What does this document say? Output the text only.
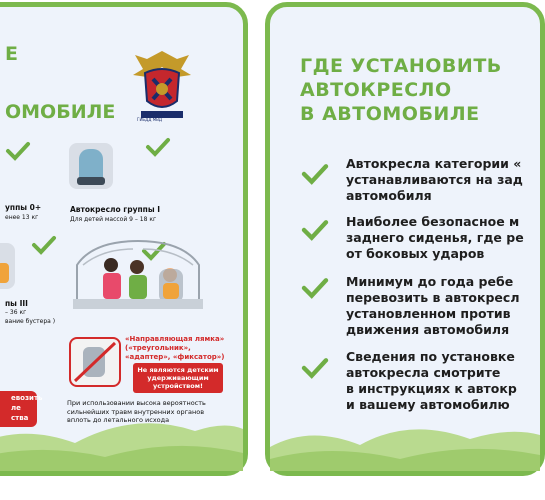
Е
ОМОБИЛЕ	ГИБДД МВД
уппы 0+
енее 13 кг
Автокресло группы I
Для детей массой 9 – 18 кг
пы III
– 36 кг
вание бустера )
«Направляющая лямка» («треугольник», «адаптер», «фиксатор»)
Не являются детским удерживающим устройством!
При использовании высока вероятность сильнейших травм внутренних органов вплоть до летального исхода
евозить
ле
ства
ГДЕ УСТАНОВИТЬ
АВТОКРЕСЛО
В АВТОМОБИЛЕ
Автокресла категории «
устанавливаются на зад
автомобиля
Наиболее безопасное м
заднего сиденья, где ре
от боковых ударов
Минимум до года ребе
перевозить в автокресл
установленном против
движения автомобиля
Сведения по установке
автокресла смотрите
в инструкциях к автокр
и вашему автомобилю
